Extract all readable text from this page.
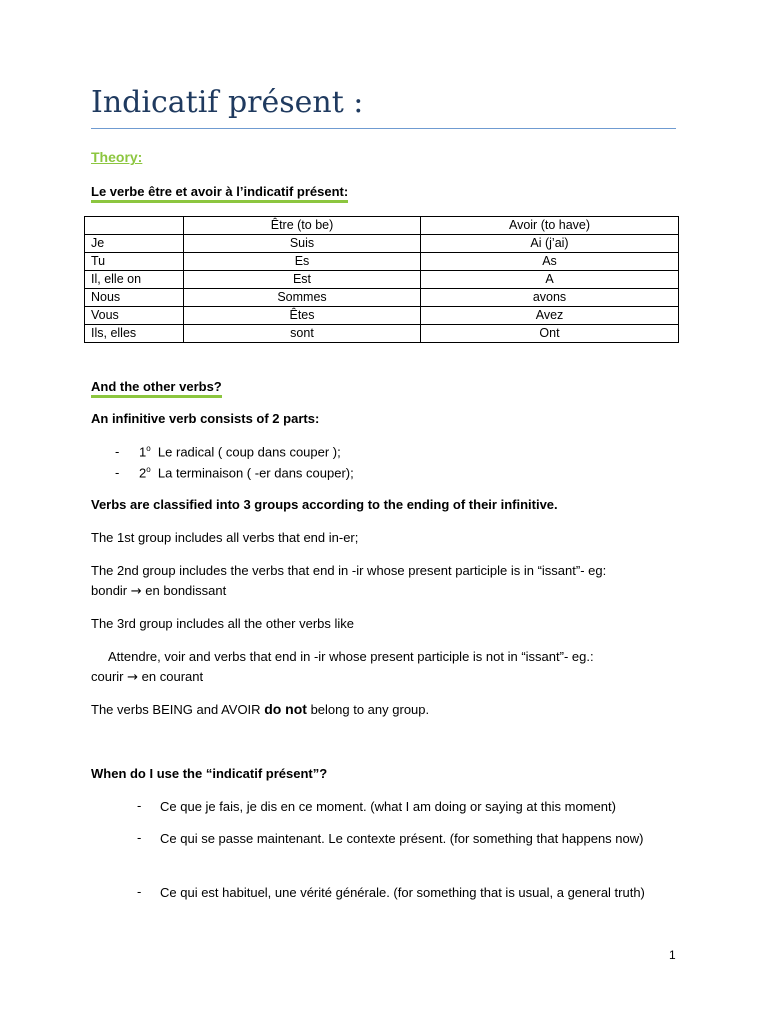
Indicatif présent :
Theory:
Le verbe être et avoir à l’indicatif présent:
	Être (to be)	Avoir (to have)
Je	Suis	Ai (j’ai)
Tu	Es	As
Il, elle on	Est	A
Nous	Sommes	avons
Vous	Êtes	Avez
Ils, elles	sont	Ont
And the other verbs?
An infinitive verb consists of 2 parts:
- 1$^o$ Le radical ( coup dans couper );
- 2$^o$ La terminaison ( -er dans couper);
Verbs are classified into 3 groups according to the ending of their infinitive.
The 1st group includes all verbs that end in-er;
The 2nd group includes the verbs that end in -ir whose present participle is in “issant”- eg:
bondir → en bondissant
The 3rd group includes all the other verbs like
Attendre, voir and verbs that end in -ir whose present participle is not in “issant”- eg.:
courir → en courant
The verbs BEING and AVOIR do not belong to any group.
When do I use the “indicatif présent”?
- Ce que je fais, je dis en ce moment. (what I am doing or saying at this moment)
- Ce qui se passe maintenant. Le contexte présent. (for something that happens now)
- Ce qui est habituel, une vérité générale. (for something that is usual, a general truth)
1
